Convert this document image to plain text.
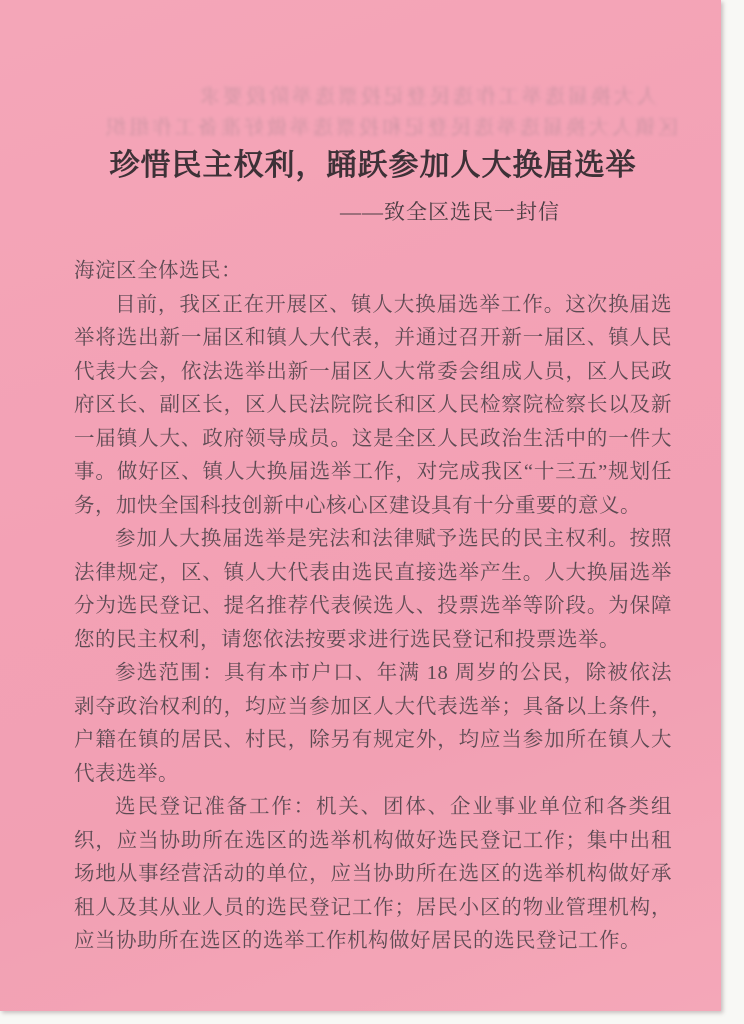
人大换届选举工作选民登记投票选举阶段要求
区镇人大换届选举选民登记和投票选举做好准备工作组织
珍惜民主权利，踊跃参加人大换届选举
——致全区选民一封信

海淀区全体选民：

目前，我区正在开展区、镇人大换届选举工作。这次换届选举将选出新一届区和镇人大代表，并通过召开新一届区、镇人民代表大会，依法选举出新一届区人大常委会组成人员，区人民政府区长、副区长，区人民法院院长和区人民检察院检察长以及新一届镇人大、政府领导成员。这是全区人民政治生活中的一件大事。做好区、镇人大换届选举工作，对完成我区“十三五”规划任务，加快全国科技创新中心核心区建设具有十分重要的意义。

参加人大换届选举是宪法和法律赋予选民的民主权利。按照法律规定，区、镇人大代表由选民直接选举产生。人大换届选举分为选民登记、提名推荐代表候选人、投票选举等阶段。为保障您的民主权利，请您依法按要求进行选民登记和投票选举。

参选范围：具有本市户口、年满 18 周岁的公民，除被依法剥夺政治权利的，均应当参加区人大代表选举；具备以上条件，户籍在镇的居民、村民，除另有规定外，均应当参加所在镇人大代表选举。

选民登记准备工作：机关、团体、企业事业单位和各类组织，应当协助所在选区的选举机构做好选民登记工作；集中出租场地从事经营活动的单位，应当协助所在选区的选举机构做好承租人及其从业人员的选民登记工作；居民小区的物业管理机构，应当协助所在选区的选举工作机构做好居民的选民登记工作。
